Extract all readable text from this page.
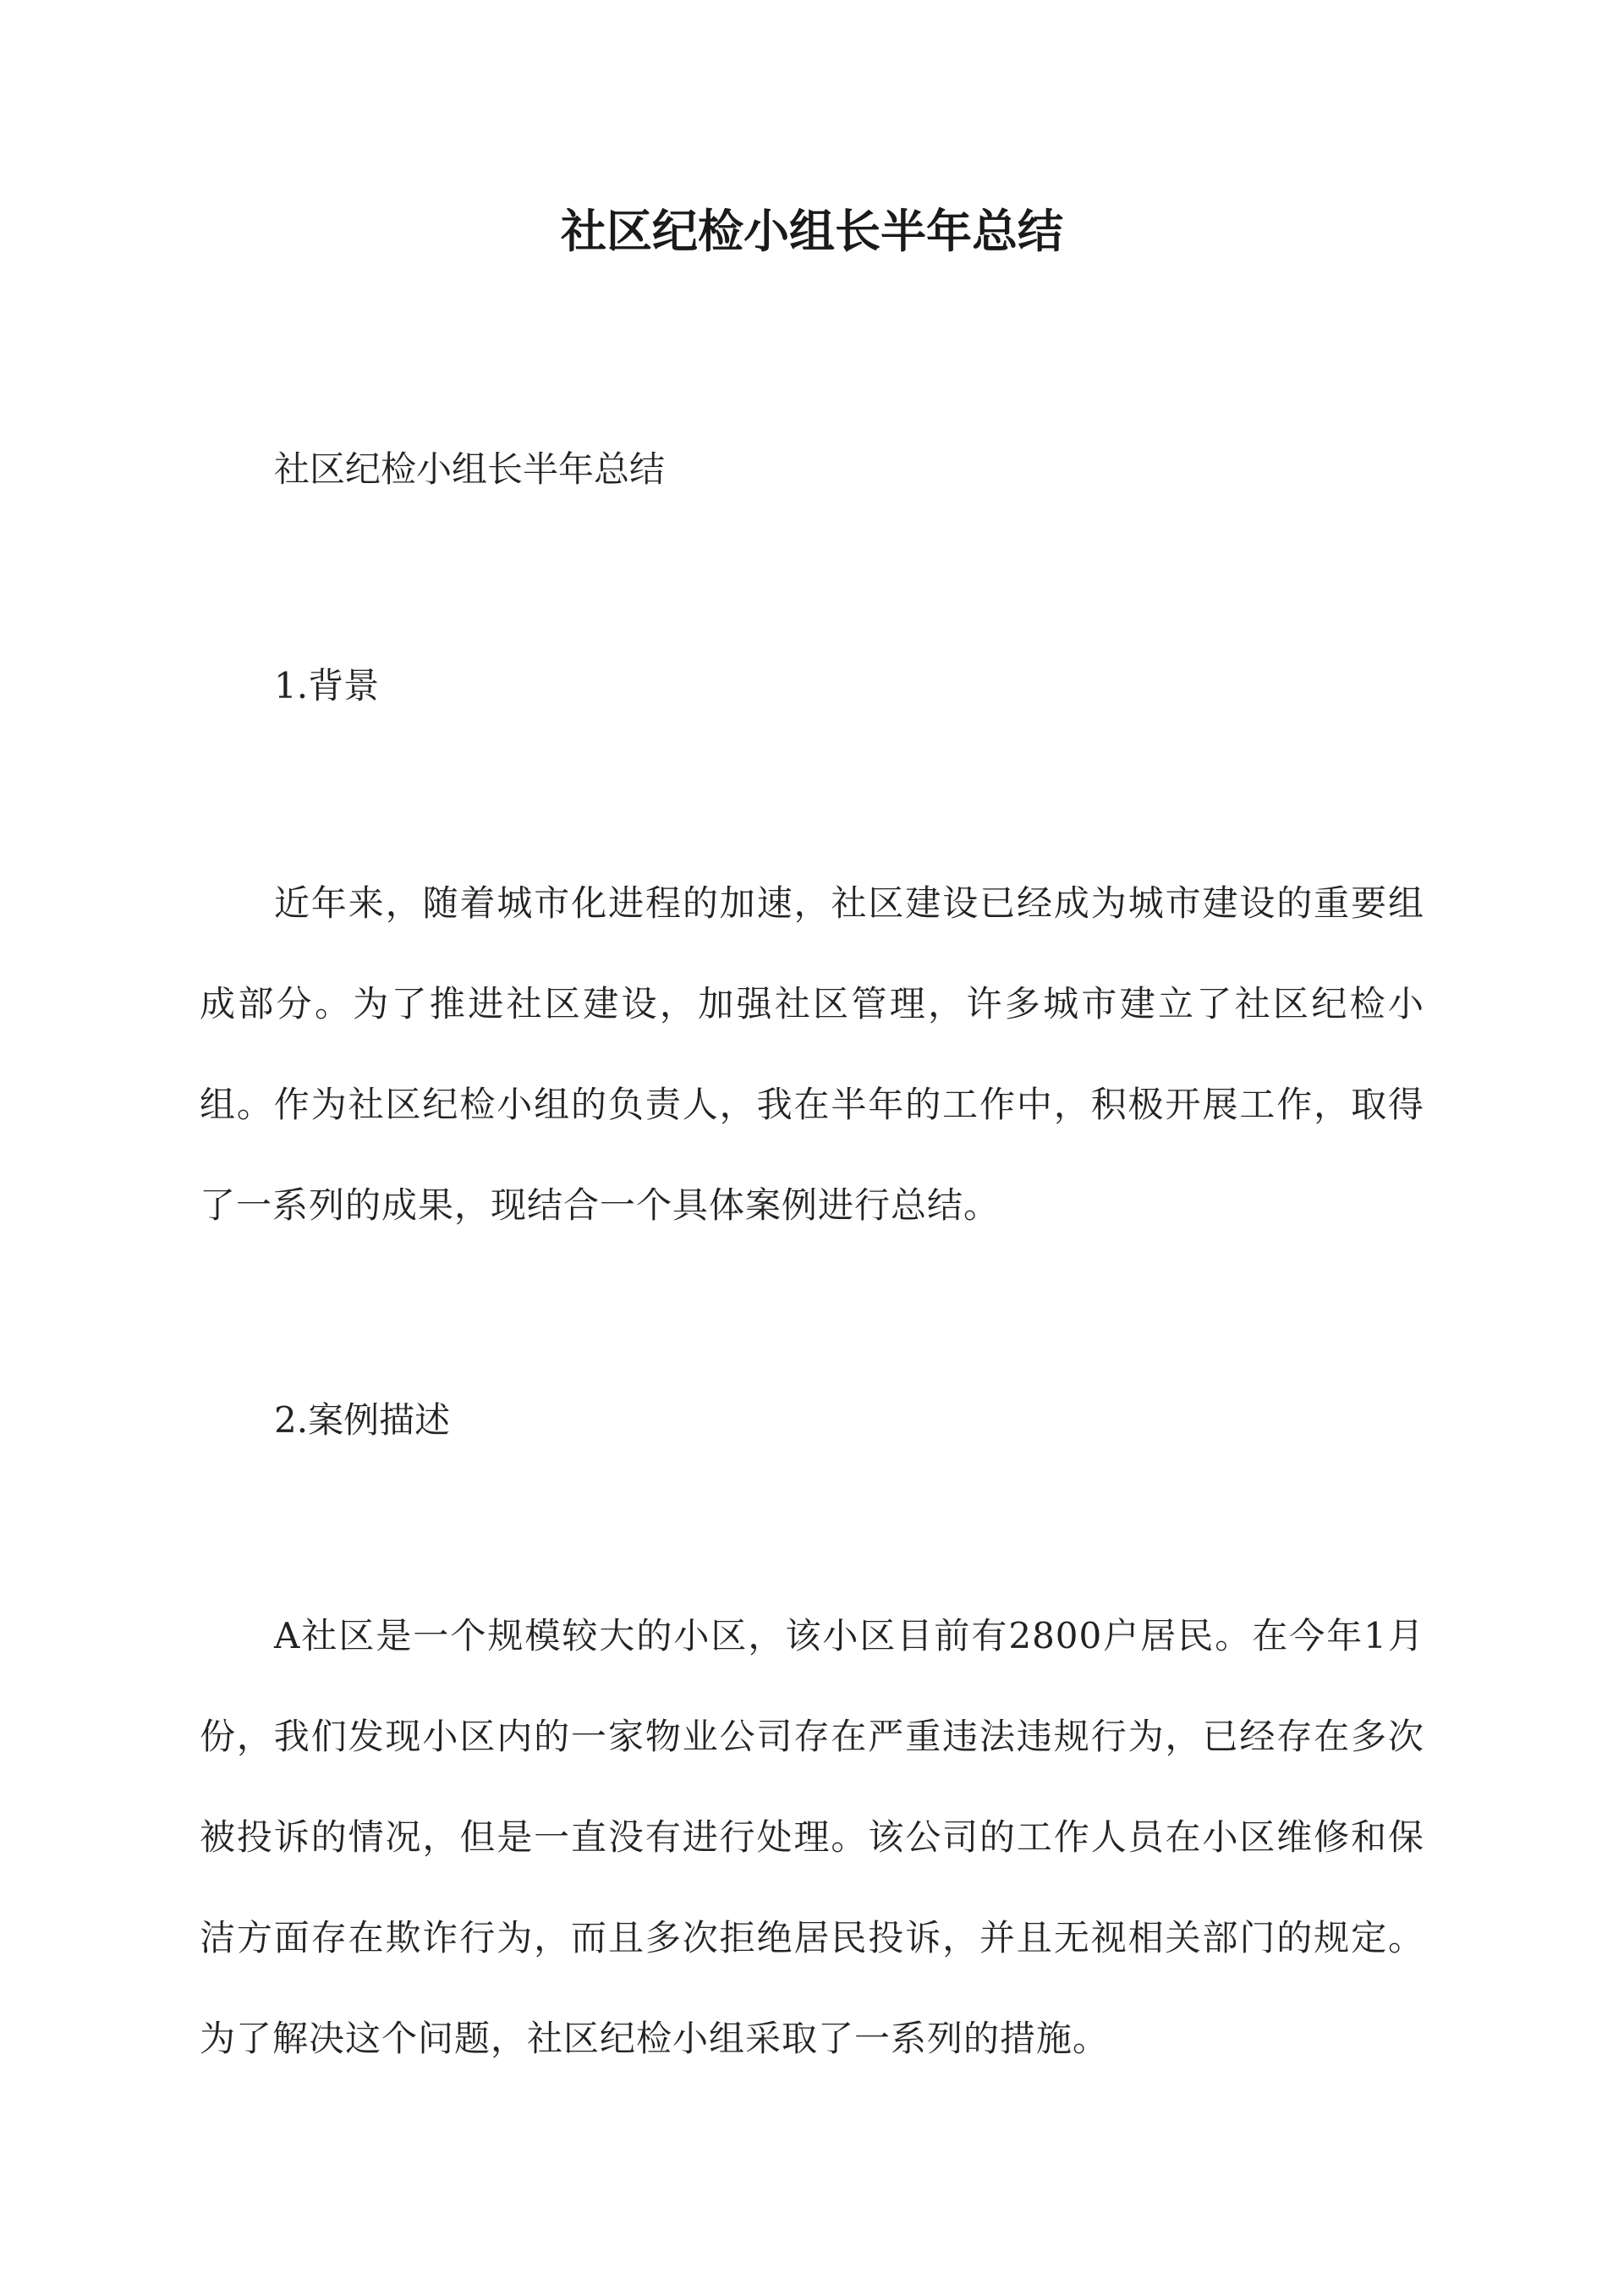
社区纪检小组长半年总结

社区纪检小组长半年总结

1.背景

近年来，随着城市化进程的加速，社区建设已经成为城市建设的重要组成部分。为了推进社区建设，加强社区管理，许多城市建立了社区纪检小组。作为社区纪检小组的负责人，我在半年的工作中，积极开展工作，取得了一系列的成果，现结合一个具体案例进行总结。

2.案例描述

A社区是一个规模较大的小区，该小区目前有2800户居民。在今年1月份，我们发现小区内的一家物业公司存在严重违法违规行为，已经存在多次被投诉的情况，但是一直没有进行处理。该公司的工作人员在小区维修和保洁方面存在欺诈行为，而且多次拒绝居民投诉，并且无视相关部门的规定。为了解决这个问题，社区纪检小组采取了一系列的措施。
